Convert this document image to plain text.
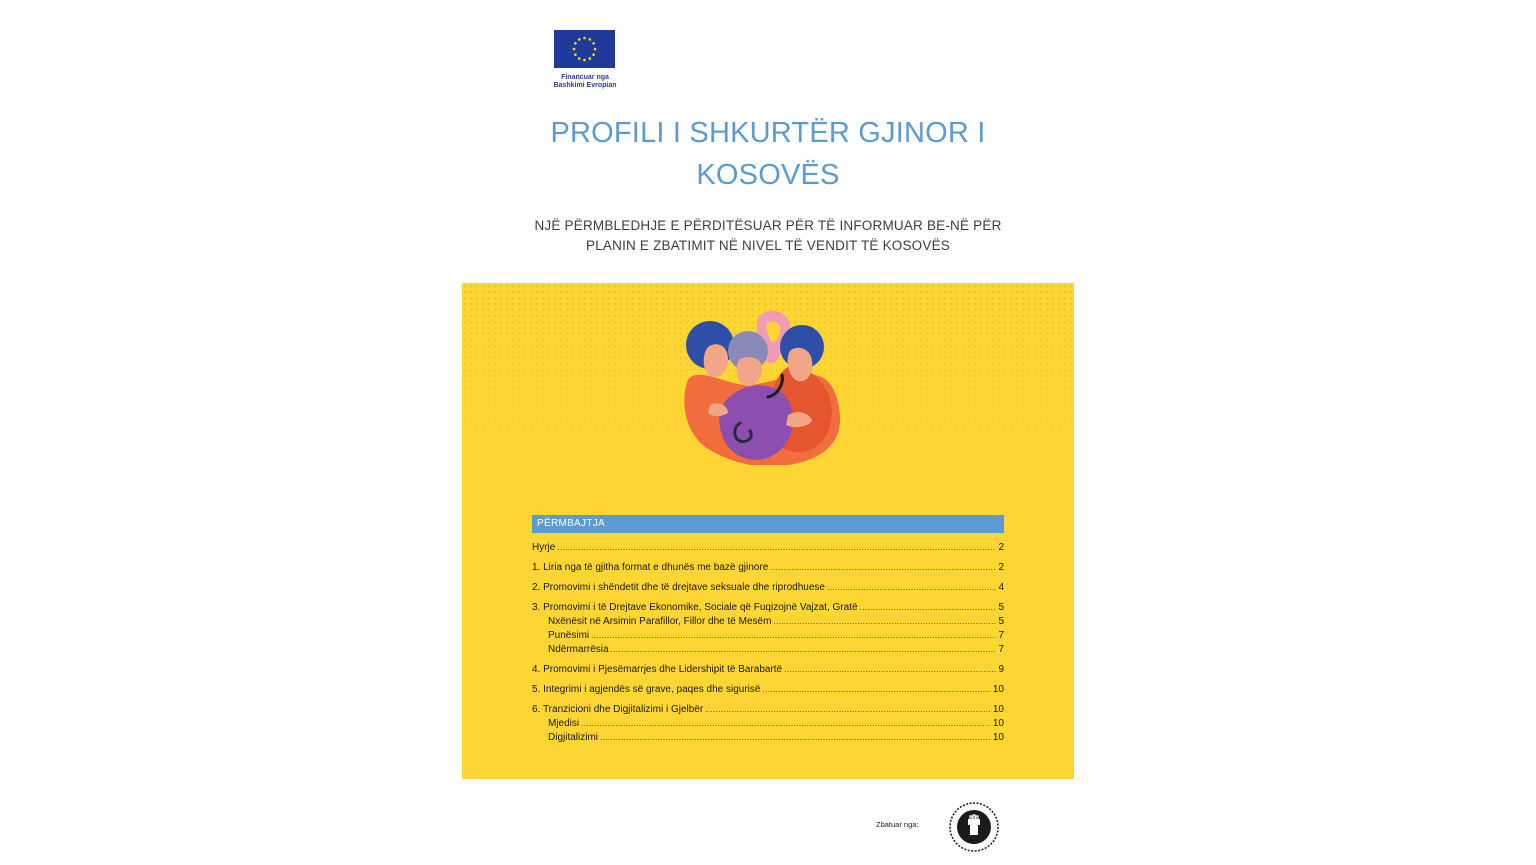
Financuar nga
Bashkimi Evropian
PROFILI I SHKURTËR GJINOR I
KOSOVËS
NJË PËRMBLEDHJE E PËRDITËSUAR PËR TË INFORMUAR BE-NË PËR
PLANIN E ZBATIMIT NË NIVEL TË VENDIT TË KOSOVËS
PËRMBAJTJA
Hyrje .....	2
1. Liria nga të gjitha format e dhunës me bazë gjinore .....	2
2. Promovimi i shëndetit dhe të drejtave seksuale dhe riprodhuese .....	4
3. Promovimi i të Drejtave Ekonomike, Sociale që Fuqizojnë Vajzat, Gratë .....	5
Nxënësit në Arsimin Parafillor, Fillor dhe të Mesëm .....	5
Punësimi .....	7
Ndërmarrësia .....	7
4. Promovimi i Pjesëmarrjes dhe Lidershipit të Barabartë .....	9
5. Integrimi i agjendës së grave, paqes dhe sigurisë .....	10
6. Tranzicioni dhe Digjitalizimi i Gjelbër .....	10
Mjedisi .....	10
Digjitalizimi .....	10
Zbatuar nga:
